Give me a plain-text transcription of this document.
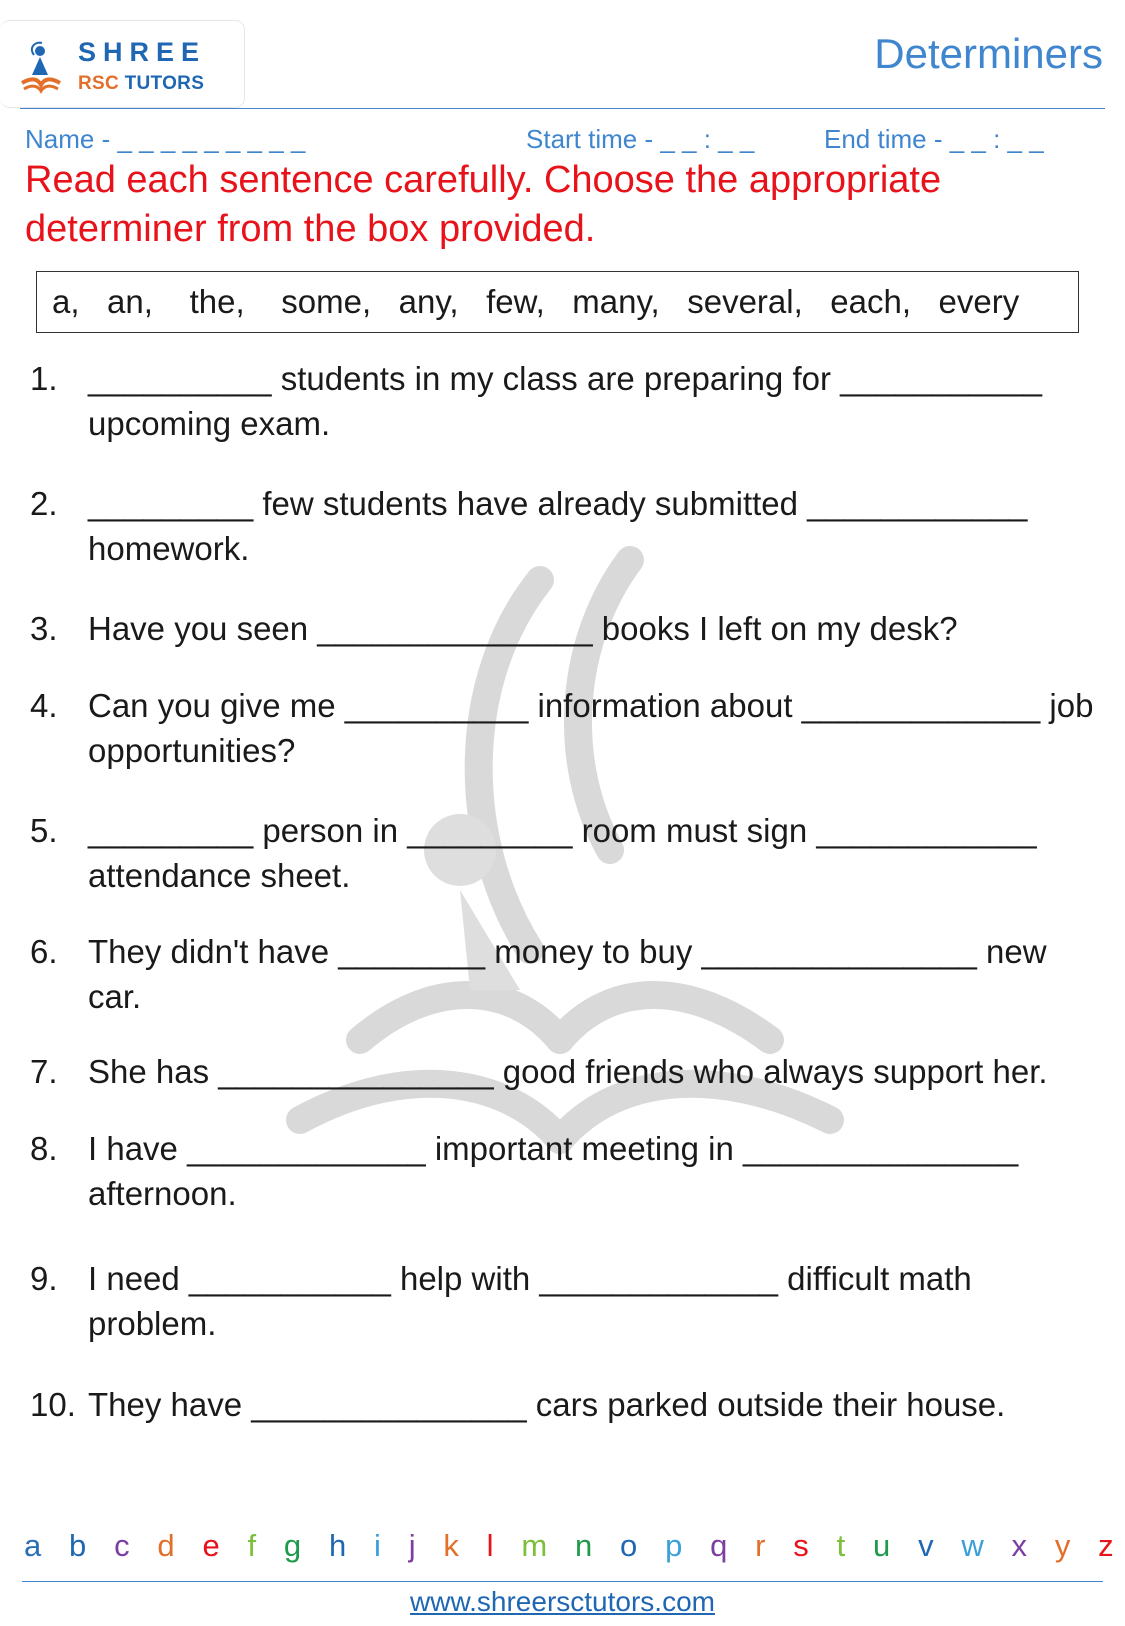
SHREE
RSC TUTORS
Determiners
Name - _ _ _ _ _ _ _ _ _	Start time - _ _ : _ _	End time - _ _ : _ _
Read each sentence carefully. Choose the appropriate determiner from the box provided.
a,   an,    the,    some,   any,   few,   many,   several,   each,   every
1. __________ students in my class are preparing for ___________ upcoming exam.
2. _________ few students have already submitted ____________ homework.
3. Have you seen _______________ books I left on my desk?
4. Can you give me __________ information about _____________ job opportunities?
5. _________ person in _________ room must sign ____________ attendance sheet.
6. They didn't have ________ money to buy _______________ new car.
7. She has _______________ good friends who always support her.
8. I have _____________ important meeting in _______________ afternoon.
9. I need ___________ help with _____________ difficult math problem.
10. They have _______________ cars parked outside their house.
a b c d e f g h i j k l m n o p q r s t u v w x y z
www.shreersctutors.com
